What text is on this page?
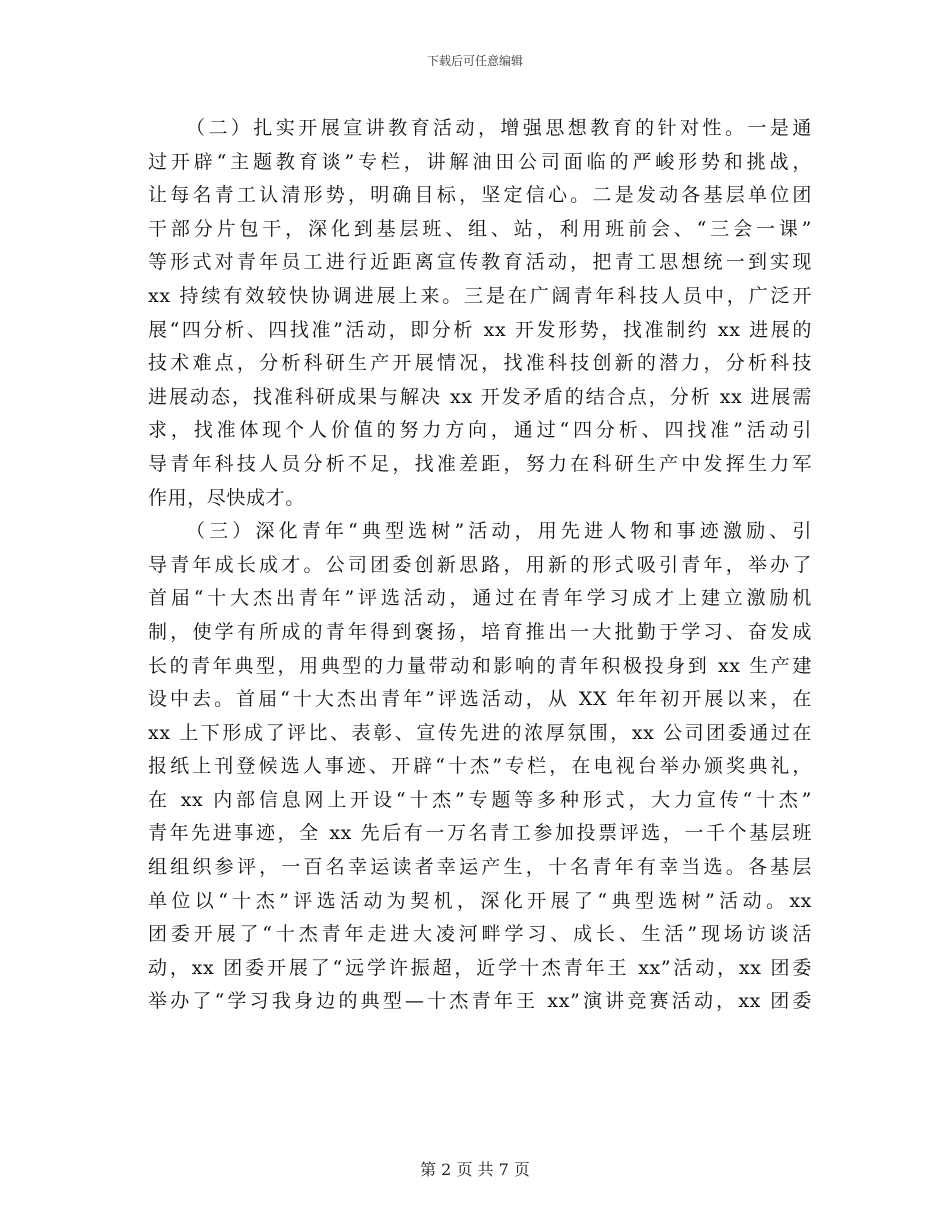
下载后可任意编辑
（二）扎实开展宣讲教育活动，增强思想教育的针对性。一是通
过开辟“主题教育谈”专栏，讲解油田公司面临的严峻形势和挑战，
让每名青工认清形势，明确目标，坚定信心。二是发动各基层单位团
干部分片包干，深化到基层班、组、站，利用班前会、“三会一课”
等形式对青年员工进行近距离宣传教育活动，把青工思想统一到实现
xx 持续有效较快协调进展上来。三是在广阔青年科技人员中，广泛开
展“四分析、四找准”活动，即分析 xx 开发形势，找准制约 xx 进展的
技术难点，分析科研生产开展情况，找准科技创新的潜力，分析科技
进展动态，找准科研成果与解决 xx 开发矛盾的结合点，分析 xx 进展需
求，找准体现个人价值的努力方向，通过“四分析、四找准”活动引
导青年科技人员分析不足，找准差距，努力在科研生产中发挥生力军
作用，尽快成才。
（三）深化青年“典型选树”活动，用先进人物和事迹激励、引
导青年成长成才。公司团委创新思路，用新的形式吸引青年，举办了
首届“十大杰出青年”评选活动，通过在青年学习成才上建立激励机
制，使学有所成的青年得到褒扬，培育推出一大批勤于学习、奋发成
长的青年典型，用典型的力量带动和影响的青年积极投身到 xx 生产建
设中去。首届“十大杰出青年”评选活动，从 XX 年年初开展以来，在
xx 上下形成了评比、表彰、宣传先进的浓厚氛围，xx 公司团委通过在
报纸上刊登候选人事迹、开辟“十杰”专栏，在电视台举办颁奖典礼，
在 xx 内部信息网上开设“十杰”专题等多种形式，大力宣传“十杰”
青年先进事迹，全 xx 先后有一万名青工参加投票评选，一千个基层班
组组织参评，一百名幸运读者幸运产生，十名青年有幸当选。各基层
单位以“十杰”评选活动为契机，深化开展了“典型选树”活动。xx
团委开展了“十杰青年走进大凌河畔学习、成长、生活”现场访谈活
动，xx 团委开展了“远学许振超，近学十杰青年王 xx”活动，xx 团委
举办了“学习我身边的典型—十杰青年王 xx”演讲竞赛活动，xx 团委
第 2 页 共 7 页
